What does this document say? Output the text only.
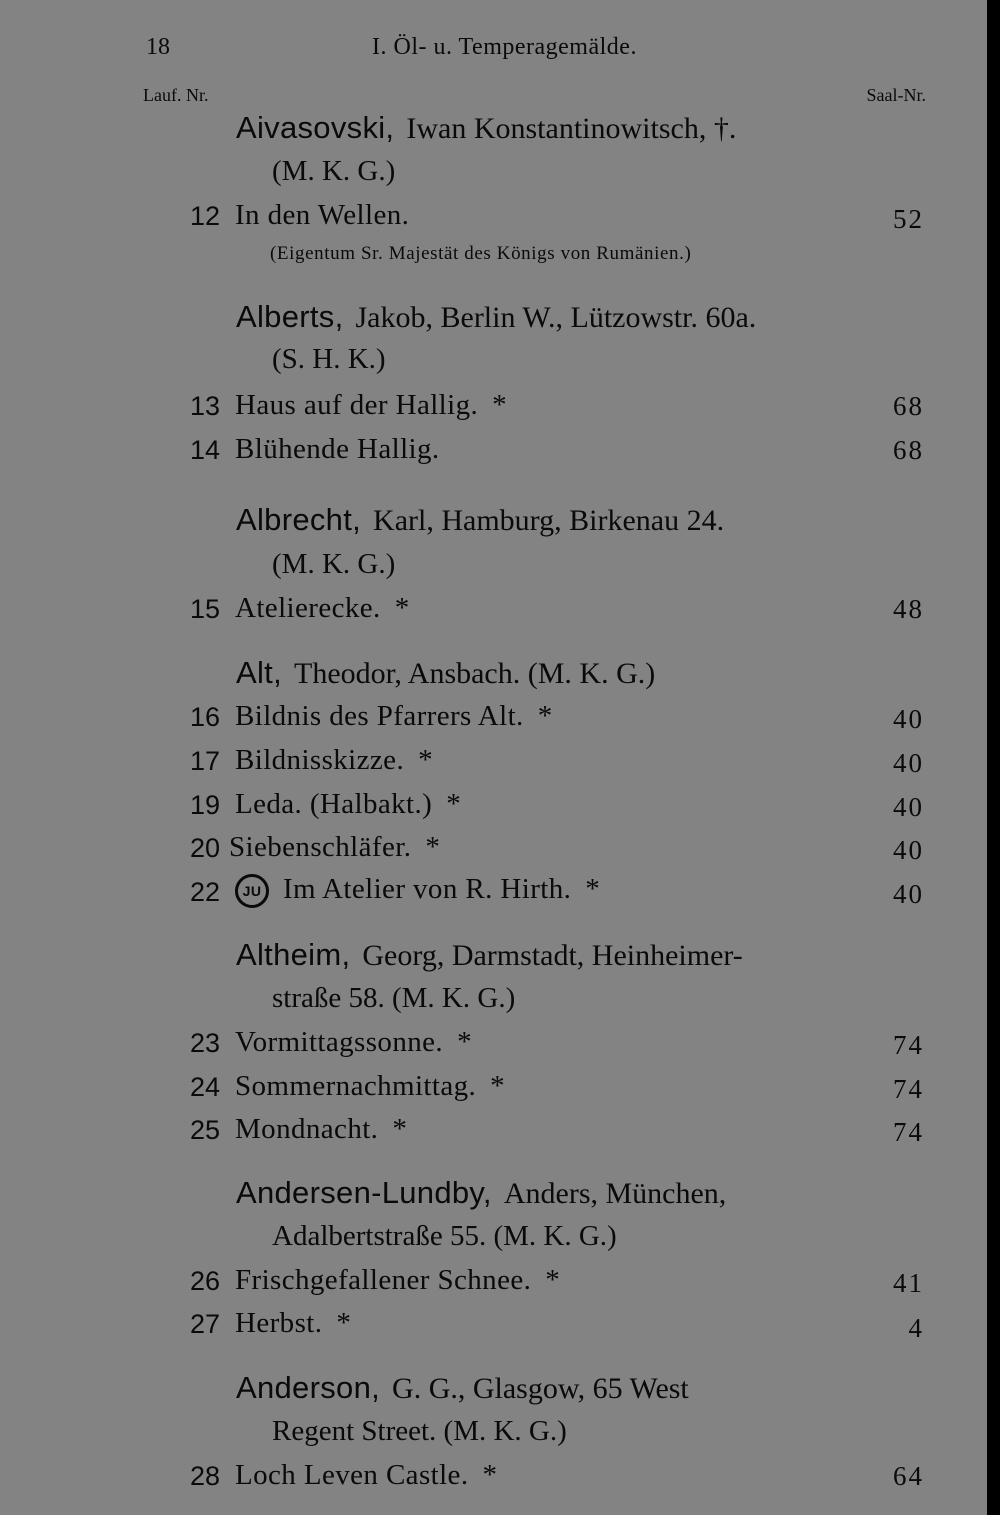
18	I. Öl- u. Temperagemälde.
Lauf. Nr.	Saal-Nr.
Aivasovski, Iwan Konstantinowitsch, †.
(M. K. G.)
12 In den Wellen.	52
(Eigentum Sr. Majestät des Königs von Rumänien.)
Alberts, Jakob, Berlin W., Lützowstr. 60a.
(S. H. K.)
13 Haus auf der Hallig. *	68
14 Blühende Hallig.	68
Albrecht, Karl, Hamburg, Birkenau 24.
(M. K. G.)
15 Atelierecke. *	48
Alt, Theodor, Ansbach. (M. K. G.)
16 Bildnis des Pfarrers Alt. *	40
17 Bildnisskizze. *	40
19 Leda. (Halbakt.) *	40
20 Siebenschläfer. *	40
22	JU Im Atelier von R. Hirth. *	40
Altheim, Georg, Darmstadt, Heinheimer-
straße 58. (M. K. G.)
23 Vormittagssonne. *	74
24 Sommernachmittag. *	74
25 Mondnacht. *	74
Andersen-Lundby, Anders, München,
Adalbertstraße 55. (M. K. G.)
26 Frischgefallener Schnee. *	41
27 Herbst. *	4
Anderson, G. G., Glasgow, 65 West
Regent Street. (M. K. G.)
28 Loch Leven Castle. *	64
